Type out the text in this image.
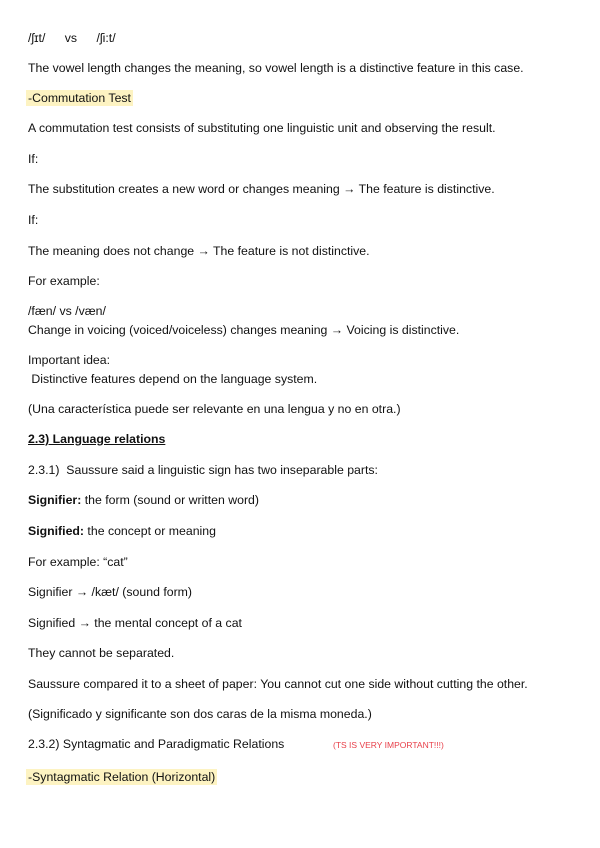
/ʃɪt/ vs /ʃi:t/
The vowel length changes the meaning, so vowel length is a distinctive feature in this case.
-Commutation Test
A commutation test consists of substituting one linguistic unit and observing the result.
If:
The substitution creates a new word or changes meaning → The feature is distinctive.
If:
The meaning does not change → The feature is not distinctive.
For example:
/fæn/ vs /væn/
Change in voicing (voiced/voiceless) changes meaning → Voicing is distinctive.
Important idea:
Distinctive features depend on the language system.
(Una característica puede ser relevante en una lengua y no en otra.)
2.3) Language relations
2.3.1)  Saussure said a linguistic sign has two inseparable parts:
Signifier: the form (sound or written word)
Signified: the concept or meaning
For example: “cat”
Signifier → /kæt/ (sound form)
Signified → the mental concept of a cat
They cannot be separated.
Saussure compared it to a sheet of paper: You cannot cut one side without cutting the other.
(Significado y significante son dos caras de la misma moneda.)
2.3.2) Syntagmatic and Paradigmatic Relations	(TS IS VERY IMPORTANT!!!)
-Syntagmatic Relation (Horizontal)
